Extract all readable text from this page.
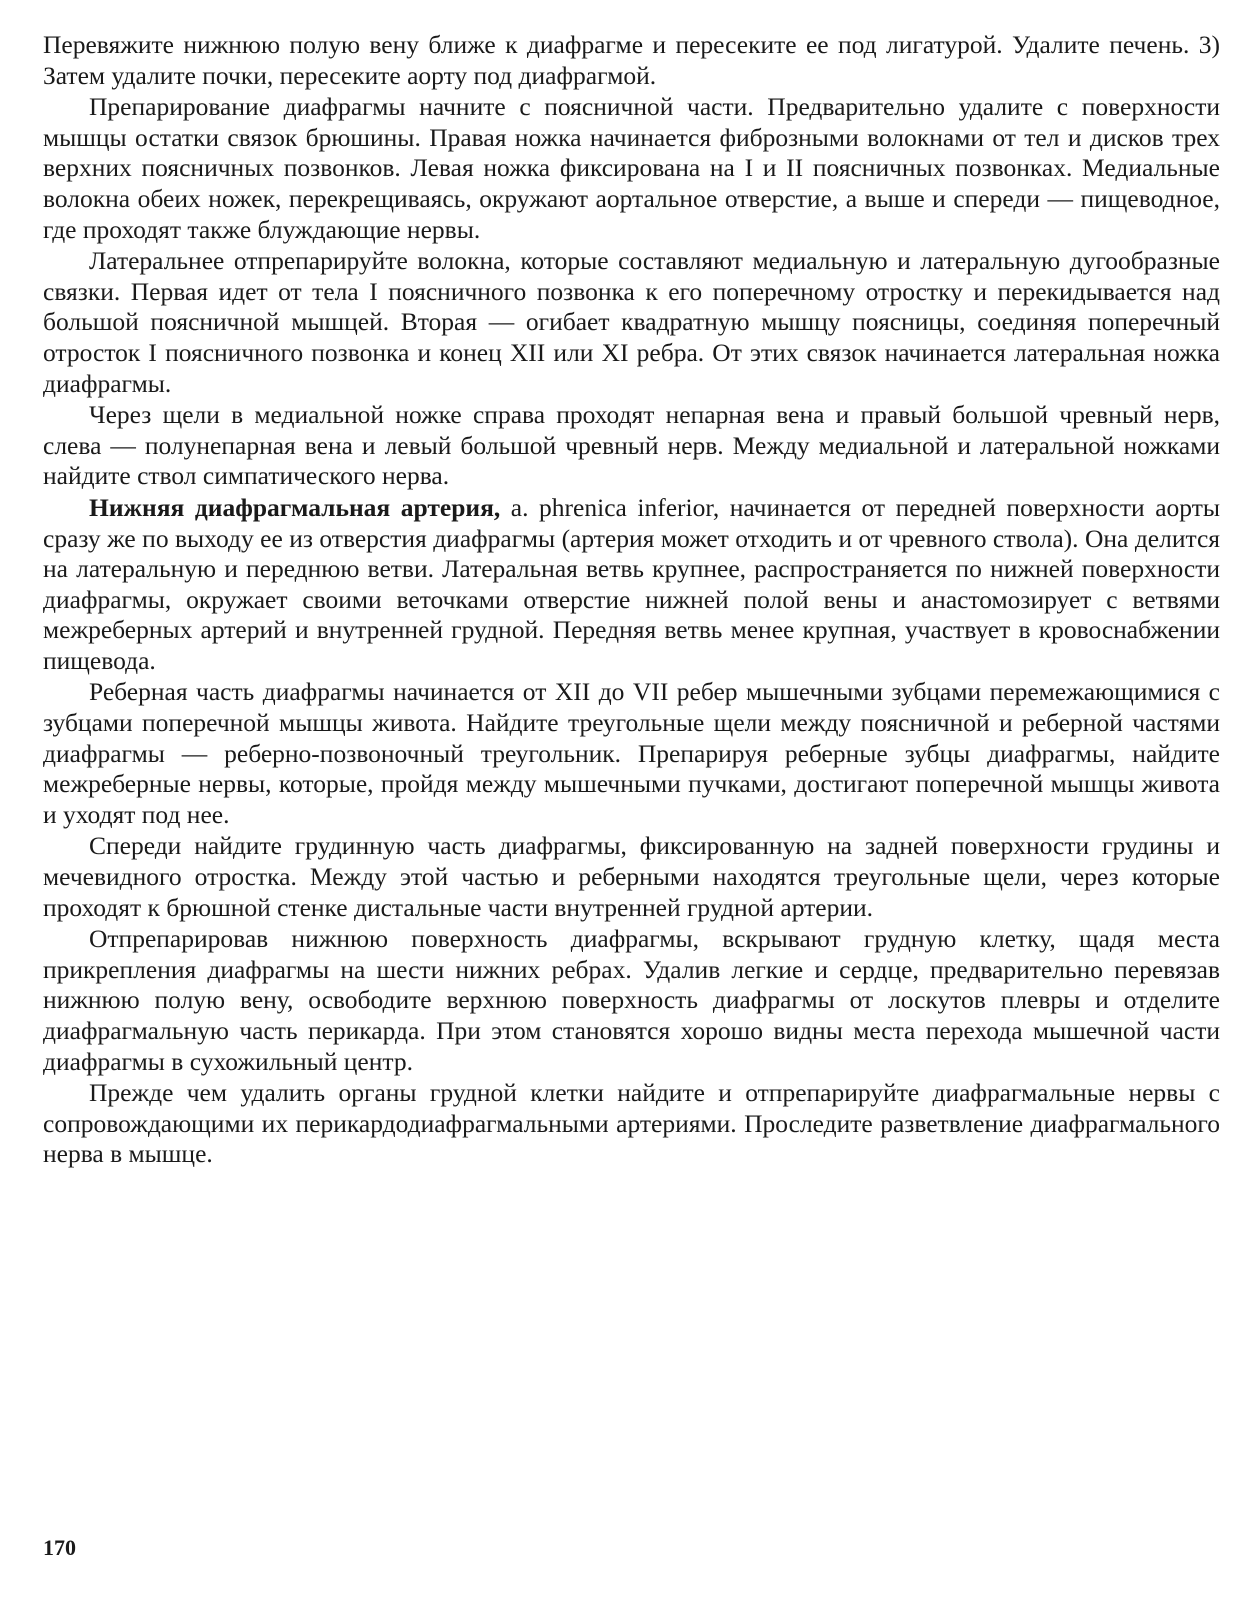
Перевяжите нижнюю полую вену ближе к диафрагме и пересеките ее под лигатурой. Удалите печень. 3) Затем удалите почки, пересеките аорту под диафрагмой.

Препарирование диафрагмы начните с поясничной части. Предварительно удалите с поверхности мышцы остатки связок брюшины. Правая ножка начинается фиброзными волокнами от тел и дисков трех верхних поясничных позвонков. Левая ножка фиксирована на I и II поясничных позвонках. Медиальные волокна обеих ножек, перекрещиваясь, окружают аортальное отверстие, а выше и спереди — пищеводное, где проходят также блуждающие нервы.

Латеральнее отпрепарируйте волокна, которые составляют медиальную и латеральную дугообразные связки. Первая идет от тела I поясничного позвонка к его поперечному отростку и перекидывается над большой поясничной мышцей. Вторая — огибает квадратную мышцу поясницы, соединяя поперечный отросток I поясничного позвонка и конец XII или XI ребра. От этих связок начинается латеральная ножка диафрагмы.

Через щели в медиальной ножке справа проходят непарная вена и правый большой чревный нерв, слева — полунепарная вена и левый большой чревный нерв. Между медиальной и латеральной ножками найдите ствол симпатического нерва.

Нижняя диафрагмальная артерия, a. phrenica inferior, начинается от передней поверхности аорты сразу же по выходу ее из отверстия диафрагмы (артерия может отходить и от чревного ствола). Она делится на латеральную и переднюю ветви. Латеральная ветвь крупнее, распространяется по нижней поверхности диафрагмы, окружает своими веточками отверстие нижней полой вены и анастомозирует с ветвями межреберных артерий и внутренней грудной. Передняя ветвь менее крупная, участвует в кровоснабжении пищевода.

Реберная часть диафрагмы начинается от XII до VII ребер мышечными зубцами перемежающимися с зубцами поперечной мышцы живота. Найдите треугольные щели между поясничной и реберной частями диафрагмы — реберно-позвоночный треугольник. Препарируя реберные зубцы диафрагмы, найдите межреберные нервы, которые, пройдя между мышечными пучками, достигают поперечной мышцы живота и уходят под нее.

Спереди найдите грудинную часть диафрагмы, фиксированную на задней поверхности грудины и мечевидного отростка. Между этой частью и реберными находятся треугольные щели, через которые проходят к брюшной стенке дистальные части внутренней грудной артерии.

Отпрепарировав нижнюю поверхность диафрагмы, вскрывают грудную клетку, щадя места прикрепления диафрагмы на шести нижних ребрах. Удалив легкие и сердце, предварительно перевязав нижнюю полую вену, освободите верхнюю поверхность диафрагмы от лоскутов плевры и отделите диафрагмальную часть перикарда. При этом становятся хорошо видны места перехода мышечной части диафрагмы в сухожильный центр.

Прежде чем удалить органы грудной клетки найдите и отпрепарируйте диафрагмальные нервы с сопровождающими их перикардодиафрагмальными артериями. Проследите разветвление диафрагмального нерва в мышце.

170
